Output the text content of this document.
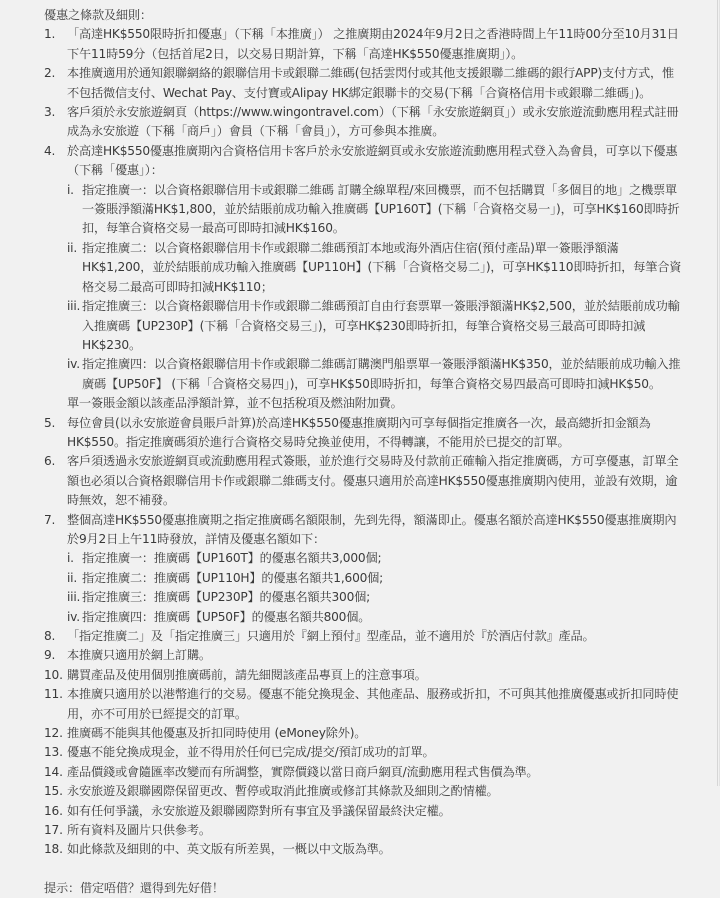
優惠之條款及細則：
1. 「高達HK$550限時折扣優惠」（下稱「本推廣」） 之推廣期由2024年9月2日之香港時間上午11時00分至10月31日下午11時59分（包括首尾2日，以交易日期計算，下稱「高達HK$550優惠推廣期」）。
2. 本推廣適用於通知銀聯網絡的銀聯信用卡或銀聯二維碼(包括雲閃付或其他支援銀聯二維碼的銀行APP)支付方式，惟不包括微信支付、Wechat Pay、支付寶或Alipay HK綁定銀聯卡的交易(下稱「合資格信用卡或銀聯二維碼」)。
3. 客戶須於永安旅遊網頁（https://www.wingontravel.com）（下稱「永安旅遊網頁」）或永安旅遊流動應用程式註冊成為永安旅遊（下稱「商戶」）會員（下稱「會員」），方可參與本推廣。
4. 於高達HK$550優惠推廣期內合資格信用卡客戶於永安旅遊網頁或永安旅遊流動應用程式登入為會員，可享以下優惠（下稱「優惠」）：
i. 指定推廣一：以合資格銀聯信用卡或銀聯二維碼 訂購全線單程/來回機票，而不包括購買「多個目的地」之機票單一簽賬淨額滿HK$1,800，並於結賬前成功輸入推廣碼【UP160T】(下稱「合資格交易一」)，可享HK$160即時折扣，每筆合資格交易一最高可即時扣減HK$160。
ii. 指定推廣二：以合資格銀聯信用卡作或銀聯二維碼預訂本地或海外酒店住宿(預付產品)單一簽賬淨額滿HK$1,200，並於結賬前成功輸入推廣碼【UP110H】(下稱「合資格交易二」)，可享HK$110即時折扣，每筆合資格交易二最高可即時扣減HK$110；
iii. 指定推廣三：以合資格銀聯信用卡作或銀聯二維碼預訂自由行套票單一簽賬淨額滿HK$2,500，並於結賬前成功輸入推廣碼【UP230P】(下稱「合資格交易三」)，可享HK$230即時折扣，每筆合資格交易三最高可即時扣減HK$230。
iv. 指定推廣四：以合資格銀聯信用卡作或銀聯二維碼訂購澳門船票單一簽賬淨額滿HK$350，並於結賬前成功輸入推廣碼【UP50F】 (下稱「合資格交易四」)，可享HK$50即時折扣，每筆合資格交易四最高可即時扣減HK$50。
單一簽賬金額以該產品淨額計算，並不包括稅項及燃油附加費。
5. 每位會員(以永安旅遊會員賬戶計算)於高達HK$550優惠推廣期內可享每個指定推廣各一次，最高總折扣金額為HK$550。指定推廣碼須於進行合資格交易時兌換並使用，不得轉讓，不能用於已提交的訂單。
6. 客戶須透過永安旅遊網頁或流動應用程式簽賬，並於進行交易時及付款前正確輸入指定推廣碼，方可享優惠，訂單全額也必須以合資格銀聯信用卡作或銀聯二維碼支付。優惠只適用於高達HK$550優惠推廣期內使用，並設有效期，逾時無效，恕不補發。
7. 整個高達HK$550優惠推廣期之指定推廣碼名額限制，先到先得，額滿即止。優惠名額於高達HK$550優惠推廣期內於9月2日上午11時發放，詳情及優惠名額如下：
i. 指定推廣一：推廣碼【UP160T】的優惠名額共3,000個;
ii. 指定推廣二：推廣碼【UP110H】的優惠名額共1,600個;
iii. 指定推廣三：推廣碼【UP230P】的優惠名額共300個;
iv. 指定推廣四：推廣碼【UP50F】的優惠名額共800個。
8. 「指定推廣二」及「指定推廣三」只適用於『網上預付』型產品，並不適用於『於酒店付款』產品。
9. 本推廣只適用於網上訂購。
10. 購買產品及使用個別推廣碼前，請先細閱該產品專頁上的注意事項。
11. 本推廣只適用於以港幣進行的交易。優惠不能兌換現金、其他產品、服務或折扣，不可與其他推廣優惠或折扣同時使用，亦不可用於已經提交的訂單。
12. 推廣碼不能與其他優惠及折扣同時使用 (eMoney除外)。
13. 優惠不能兌換成現金，並不得用於任何已完成/提交/預訂成功的訂單。
14. 產品價錢或會隨匯率改變而有所調整，實際價錢以當日商戶網頁/流動應用程式售價為準。
15. 永安旅遊及銀聯國際保留更改、暫停或取消此推廣或修訂其條款及細則之酌情權。
16. 如有任何爭議，永安旅遊及銀聯國際對所有事宜及爭議保留最終決定權。
17. 所有資料及圖片只供參考。
18. 如此條款及細則的中、英文版有所差異，一概以中文版為準。
提示：借定唔借？還得到先好借！
